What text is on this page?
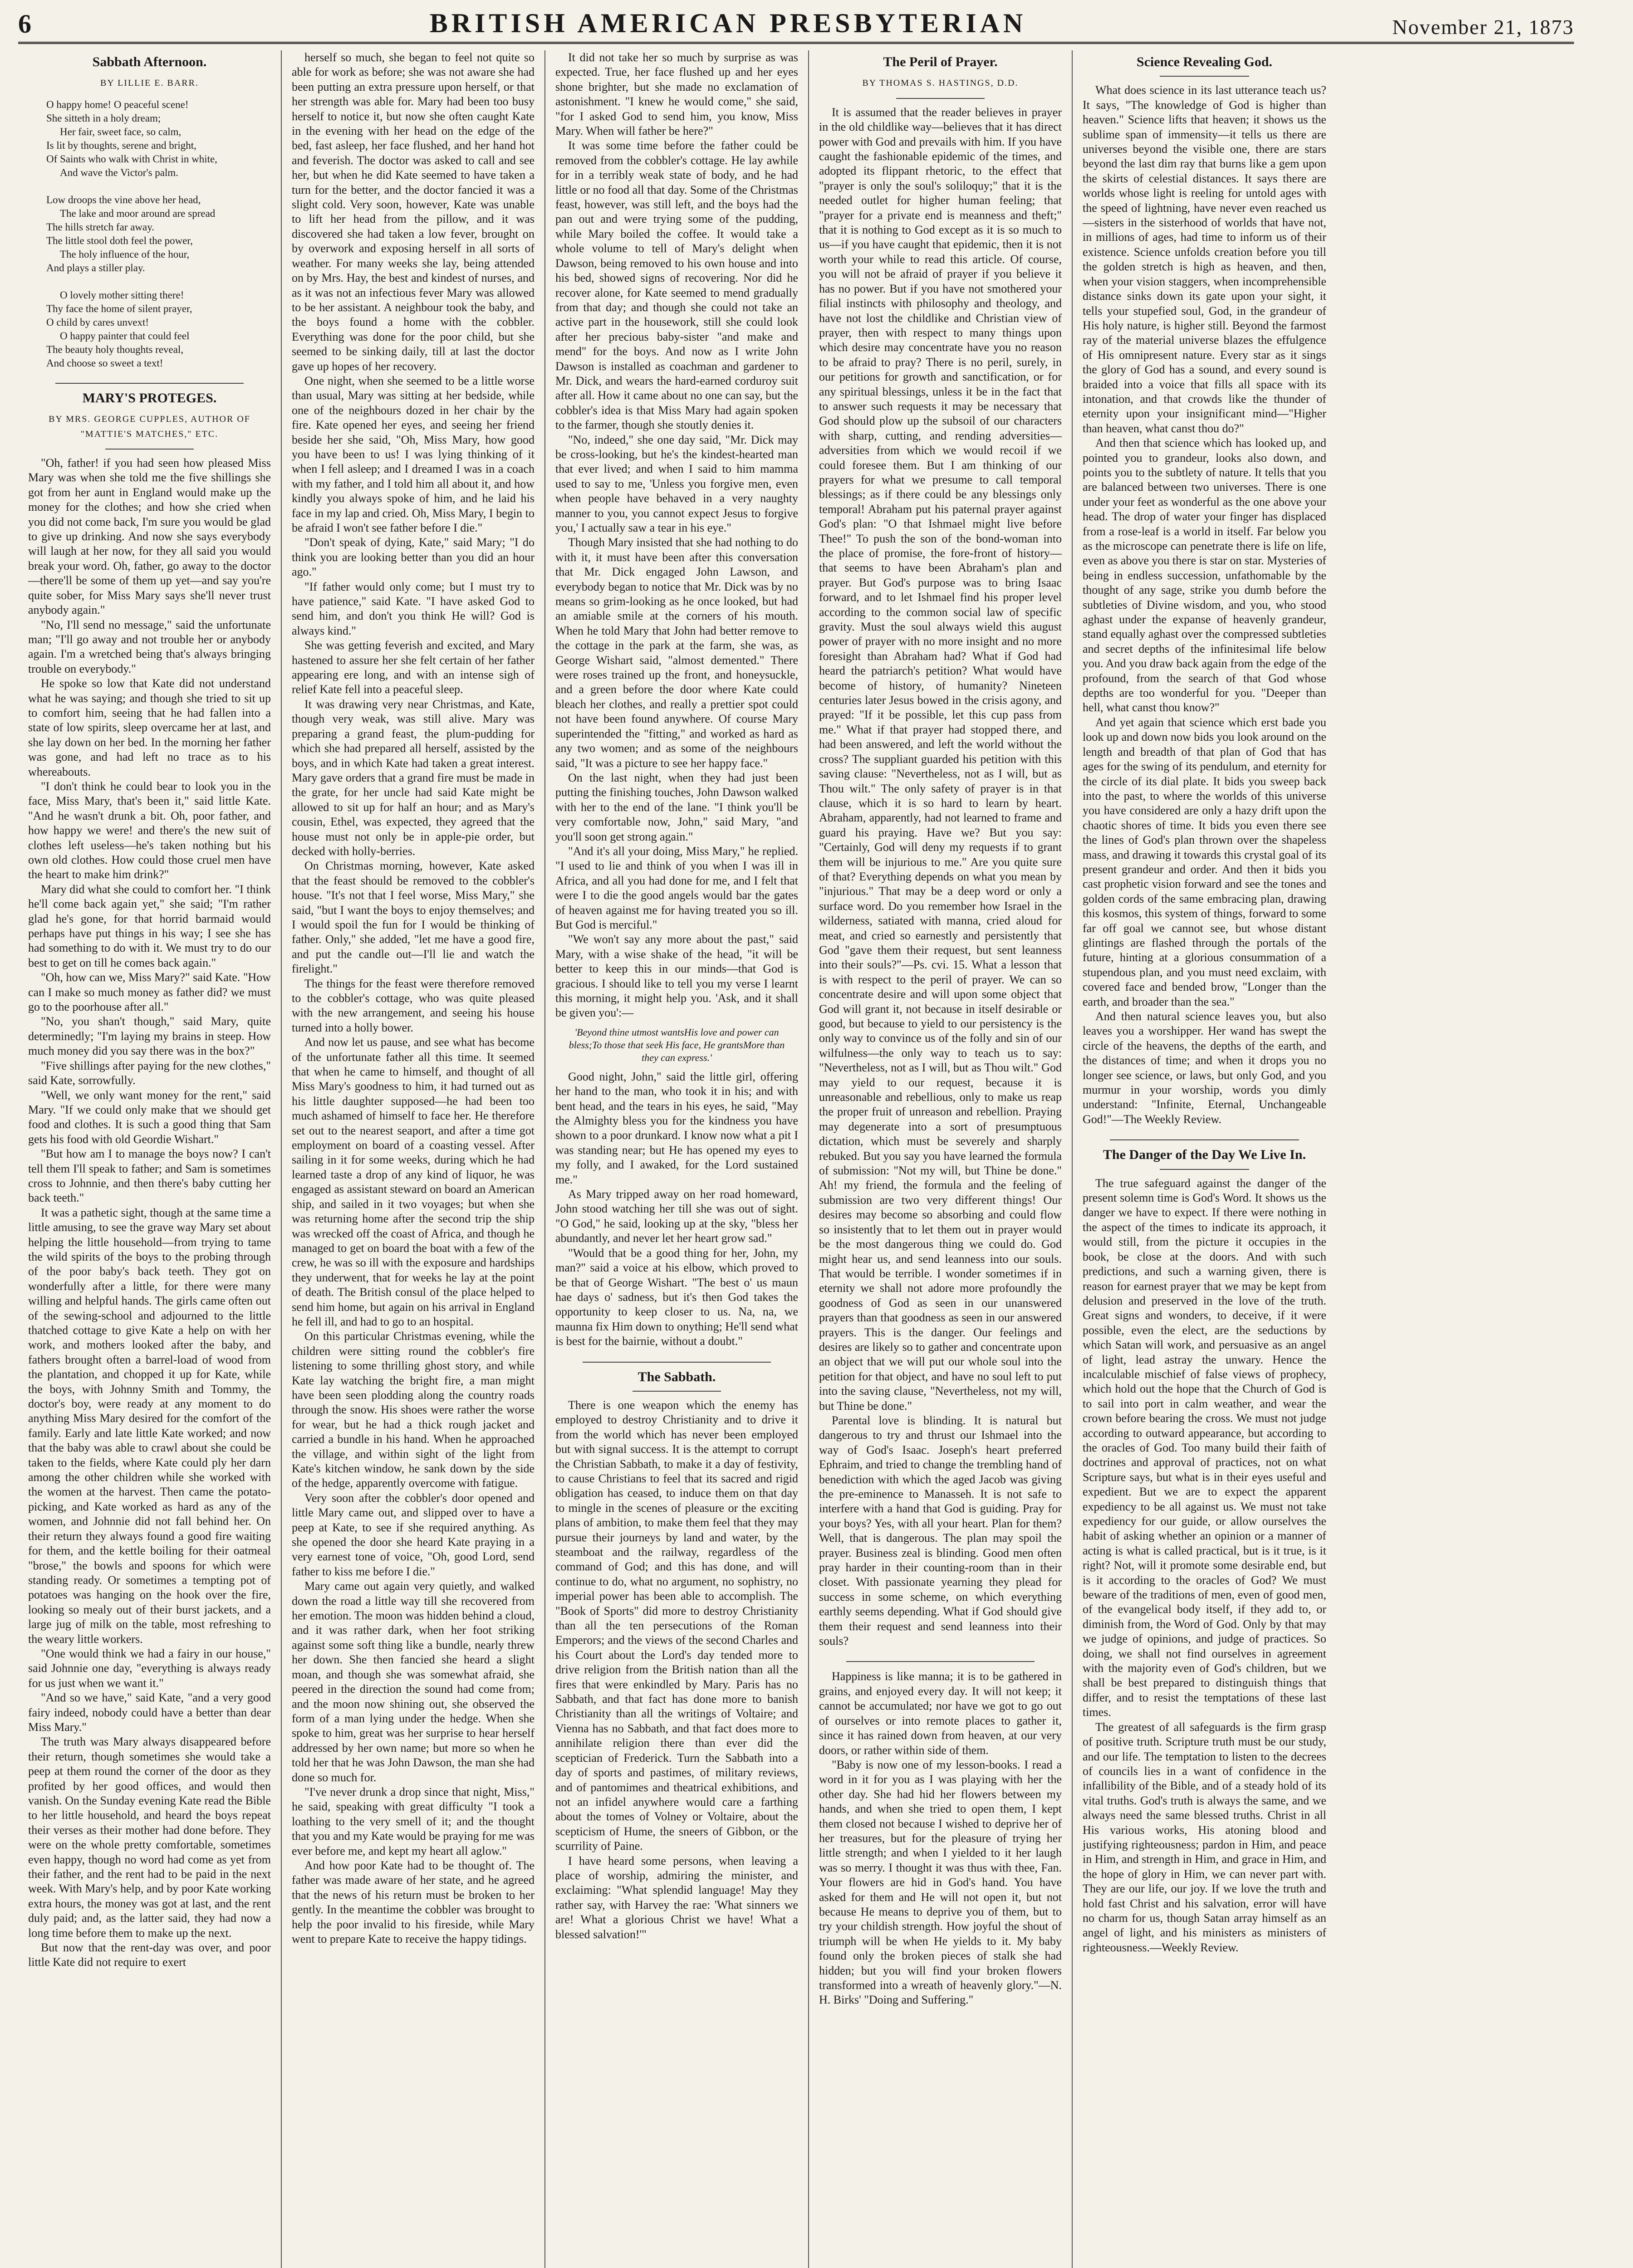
6	BRITISH AMERICAN PRESBYTERIAN	November 21, 1873
Sabbath Afternoon.
BY LILLIE E. BARR.
O happy home! O peaceful scene!
She sitteth in a holy dream;
Her fair, sweet face, so calm,
Is lit by thoughts, serene and bright,
Of Saints who walk with Christ in white,
And wave the Victor's palm.

Low droops the vine above her head,
The lake and moor around are spread
The hills stretch far away.
The little stool doth feel the power,
The holy influence of the hour,
And plays a stiller play.

O lovely mother sitting there!
Thy face the home of silent prayer,
O child by cares unvext!
O happy painter that could feel
The beauty holy thoughts reveal,
And choose so sweet a text!
MARY'S PROTEGES.
BY MRS. GEORGE CUPPLES, AUTHOR OF "MATTIE'S MATCHES," ETC.

"Oh, father! if you had seen how pleased Miss Mary was when she told me the five shillings she got from her aunt in England would make up the money for the clothes; and how she cried when you did not come back, I'm sure you would be glad to give up drinking. And now she says everybody will laugh at her now, for they all said you would break your word. Oh, father, go away to the doctor—there'll be some of them up yet—and say you're quite sober, for Miss Mary says she'll never trust anybody again."

"No, I'll send no message," said the unfortunate man; "I'll go away and not trouble her or anybody again. I'm a wretched being that's always bringing trouble on everybody."

He spoke so low that Kate did not understand what he was saying; and though she tried to sit up to comfort him, seeing that he had fallen into a state of low spirits, sleep overcame her at last, and she lay down on her bed. In the morning her father was gone, and had left no trace as to his whereabouts.

"I don't think he could bear to look you in the face, Miss Mary, that's been it," said little Kate. "And he wasn't drunk a bit. Oh, poor father, and how happy we were! and there's the new suit of clothes left useless—he's taken nothing but his own old clothes. How could those cruel men have the heart to make him drink?"

Mary did what she could to comfort her. "I think he'll come back again yet," she said; "I'm rather glad he's gone, for that horrid barmaid would perhaps have put things in his way; I see she has had something to do with it. We must try to do our best to get on till he comes back again."

"Oh, how can we, Miss Mary?" said Kate. "How can I make so much money as father did? we must go to the poorhouse after all."

"No, you shan't though," said Mary, quite determinedly; "I'm laying my brains in steep. How much money did you say there was in the box?"

"Five shillings after paying for the new clothes," said Kate, sorrowfully.

"Well, we only want money for the rent," said Mary. "If we could only make that we should get food and clothes. It is such a good thing that Sam gets his food with old Geordie Wishart."

"But how am I to manage the boys now? I can't tell them I'll speak to father; and Sam is sometimes cross to Johnnie, and then there's baby cutting her back teeth."

It was a pathetic sight, though at the same time a little amusing, to see the grave way Mary set about helping the little household—from trying to tame the wild spirits of the boys to the probing through of the poor baby's back teeth. They got on wonderfully after a little, for there were many willing and helpful hands. The girls came often out of the sewing-school and adjourned to the little thatched cottage to give Kate a help on with her work, and mothers looked after the baby, and fathers brought often a barrel-load of wood from the plantation, and chopped it up for Kate, while the boys, with Johnny Smith and Tommy, the doctor's boy, were ready at any moment to do anything Miss Mary desired for the comfort of the family. Early and late little Kate worked; and now that the baby was able to crawl about she could be taken to the fields, where Kate could ply her darn among the other children while she worked with the women at the harvest. Then came the potato-picking, and Kate worked as hard as any of the women, and Johnnie did not fall behind her. On their return they always found a good fire waiting for them, and the kettle boiling for their oatmeal "brose," the bowls and spoons for which were standing ready. Or sometimes a tempting pot of potatoes was hanging on the hook over the fire, looking so mealy out of their burst jackets, and a large jug of milk on the table, most refreshing to the weary little workers.

"One would think we had a fairy in our house," said Johnnie one day, "everything is always ready for us just when we want it."

"And so we have," said Kate, "and a very good fairy indeed, nobody could have a better than dear Miss Mary."

The truth was Mary always disappeared before their return, though sometimes she would take a peep at them round the corner of the door as they profited by her good offices, and would then vanish. On the Sunday evening Kate read the Bible to her little household, and heard the boys repeat their verses as their mother had done before. They were on the whole pretty comfortable, sometimes even happy, though no word had come as yet from their father, and the rent had to be paid in the next week. With Mary's help, and by poor Kate working extra hours, the money was got at last, and the rent duly paid; and, as the latter said, they had now a long time before them to make up the next.

But now that the rent-day was over, and poor little Kate did not require to exert

herself so much, she began to feel not quite so able for work as before; she was not aware she had been putting an extra pressure upon herself, or that her strength was able for. Mary had been too busy herself to notice it, but now she often caught Kate in the evening with her head on the edge of the bed, fast asleep, her face flushed, and her hand hot and feverish. The doctor was asked to call and see her, but when he did Kate seemed to have taken a turn for the better, and the doctor fancied it was a slight cold. Very soon, however, Kate was unable to lift her head from the pillow, and it was discovered she had taken a low fever, brought on by overwork and exposing herself in all sorts of weather. For many weeks she lay, being attended on by Mrs. Hay, the best and kindest of nurses, and as it was not an infectious fever Mary was allowed to be her assistant. A neighbour took the baby, and the boys found a home with the cobbler. Everything was done for the poor child, but she seemed to be sinking daily, till at last the doctor gave up hopes of her recovery.

One night, when she seemed to be a little worse than usual, Mary was sitting at her bedside, while one of the neighbours dozed in her chair by the fire. Kate opened her eyes, and seeing her friend beside her she said, "Oh, Miss Mary, how good you have been to us! I was lying thinking of it when I fell asleep; and I dreamed I was in a coach with my father, and I told him all about it, and how kindly you always spoke of him, and he laid his face in my lap and cried. Oh, Miss Mary, I begin to be afraid I won't see father before I die."

"Don't speak of dying, Kate," said Mary; "I do think you are looking better than you did an hour ago."

"If father would only come; but I must try to have patience," said Kate. "I have asked God to send him, and don't you think He will? God is always kind."

She was getting feverish and excited, and Mary hastened to assure her she felt certain of her father appearing ere long, and with an intense sigh of relief Kate fell into a peaceful sleep.

It was drawing very near Christmas, and Kate, though very weak, was still alive. Mary was preparing a grand feast, the plum-pudding for which she had prepared all herself, assisted by the boys, and in which Kate had taken a great interest. Mary gave orders that a grand fire must be made in the grate, for her uncle had said Kate might be allowed to sit up for half an hour; and as Mary's cousin, Ethel, was expected, they agreed that the house must not only be in apple-pie order, but decked with holly-berries.

On Christmas morning, however, Kate asked that the feast should be removed to the cobbler's house. "It's not that I feel worse, Miss Mary," she said, "but I want the boys to enjoy themselves; and I would spoil the fun for I would be thinking of father. Only," she added, "let me have a good fire, and put the candle out—I'll lie and watch the firelight."

The things for the feast were therefore removed to the cobbler's cottage, who was quite pleased with the new arrangement, and seeing his house turned into a holly bower.

And now let us pause, and see what has become of the unfortunate father all this time. It seemed that when he came to himself, and thought of all Miss Mary's goodness to him, it had turned out as his little daughter supposed—he had been too much ashamed of himself to face her. He therefore set out to the nearest seaport, and after a time got employment on board of a coasting vessel. After sailing in it for some weeks, during which he had learned taste a drop of any kind of liquor, he was engaged as assistant steward on board an American ship, and sailed in it two voyages; but when she was returning home after the second trip the ship was wrecked off the coast of Africa, and though he managed to get on board the boat with a few of the crew, he was so ill with the exposure and hardships they underwent, that for weeks he lay at the point of death. The British consul of the place helped to send him home, but again on his arrival in England he fell ill, and had to go to an hospital.

On this particular Christmas evening, while the children were sitting round the cobbler's fire listening to some thrilling ghost story, and while Kate lay watching the bright fire, a man might have been seen plodding along the country roads through the snow. His shoes were rather the worse for wear, but he had a thick rough jacket and carried a bundle in his hand. When he approached the village, and within sight of the light from Kate's kitchen window, he sank down by the side of the hedge, apparently overcome with fatigue.

Very soon after the cobbler's door opened and little Mary came out, and slipped over to have a peep at Kate, to see if she required anything. As she opened the door she heard Kate praying in a very earnest tone of voice, "Oh, good Lord, send father to kiss me before I die."

Mary came out again very quietly, and walked down the road a little way till she recovered from her emotion. The moon was hidden behind a cloud, and it was rather dark, when her foot striking against some soft thing like a bundle, nearly threw her down. She then fancied she heard a slight moan, and though she was somewhat afraid, she peered in the direction the sound had come from; and the moon now shining out, she observed the form of a man lying under the hedge. When she spoke to him, great was her surprise to hear herself addressed by her own name; but more so when he told her that he was John Dawson, the man she had done so much for.

"I've never drunk a drop since that night, Miss," he said, speaking with great difficulty "I took a loathing to the very smell of it; and the thought that you and my Kate would be praying for me was ever before me, and kept my heart all aglow."

And how poor Kate had to be thought of. The father was made aware of her state, and he agreed that the news of his return must be broken to her gently. In the meantime the cobbler was brought to help the poor invalid to his fireside, while Mary went to prepare Kate to receive the happy tidings.

It did not take her so much by surprise as was expected. True, her face flushed up and her eyes shone brighter, but she made no exclamation of astonishment. "I knew he would come," she said, "for I asked God to send him, you know, Miss Mary. When will father be here?"

It was some time before the father could be removed from the cobbler's cottage. He lay awhile for in a terribly weak state of body, and he had little or no food all that day. Some of the Christmas feast, however, was still left, and the boys had the pan out and were trying some of the pudding, while Mary boiled the coffee. It would take a whole volume to tell of Mary's delight when Dawson, being removed to his own house and into his bed, showed signs of recovering. Nor did he recover alone, for Kate seemed to mend gradually from that day; and though she could not take an active part in the housework, still she could look after her precious baby-sister "and make and mend" for the boys. And now as I write John Dawson is installed as coachman and gardener to Mr. Dick, and wears the hard-earned corduroy suit after all. How it came about no one can say, but the cobbler's idea is that Miss Mary had again spoken to the farmer, though she stoutly denies it.

"No, indeed," she one day said, "Mr. Dick may be cross-looking, but he's the kindest-hearted man that ever lived; and when I said to him mamma used to say to me, 'Unless you forgive men, even when people have behaved in a very naughty manner to you, you cannot expect Jesus to forgive you,' I actually saw a tear in his eye."

Though Mary insisted that she had nothing to do with it, it must have been after this conversation that Mr. Dick engaged John Lawson, and everybody began to notice that Mr. Dick was by no means so grim-looking as he once looked, but had an amiable smile at the corners of his mouth. When he told Mary that John had better remove to the cottage in the park at the farm, she was, as George Wishart said, "almost demented." There were roses trained up the front, and honeysuckle, and a green before the door where Kate could bleach her clothes, and really a prettier spot could not have been found anywhere. Of course Mary superintended the "fitting," and worked as hard as any two women; and as some of the neighbours said, "It was a picture to see her happy face."

On the last night, when they had just been putting the finishing touches, John Dawson walked with her to the end of the lane. "I think you'll be very comfortable now, John," said Mary, "and you'll soon get strong again."

"And it's all your doing, Miss Mary," he replied. "I used to lie and think of you when I was ill in Africa, and all you had done for me, and I felt that were I to die the good angels would bar the gates of heaven against me for having treated you so ill. But God is merciful."

"We won't say any more about the past," said Mary, with a wise shake of the head, "it will be better to keep this in our minds—that God is gracious. I should like to tell you my verse I learnt this morning, it might help you. 'Ask, and it shall be given you':—

'Beyond thine utmost wantsHis love and power can bless;To those that seek His face, He grantsMore than they can express.'

Good night, John," said the little girl, offering her hand to the man, who took it in his; and with bent head, and the tears in his eyes, he said, "May the Almighty bless you for the kindness you have shown to a poor drunkard. I know now what a pit I was standing near; but He has opened my eyes to my folly, and I awaked, for the Lord sustained me."

As Mary tripped away on her road homeward, John stood watching her till she was out of sight. "O God," he said, looking up at the sky, "bless her abundantly, and never let her heart grow sad."

"Would that be a good thing for her, John, my man?" said a voice at his elbow, which proved to be that of George Wishart. "The best o' us maun hae days o' sadness, but it's then God takes the opportunity to keep closer to us. Na, na, we maunna fix Him down to onything; He'll send what is best for the bairnie, without a doubt."

The Sabbath.

There is one weapon which the enemy has employed to destroy Christianity and to drive it from the world which has never been employed but with signal success. It is the attempt to corrupt the Christian Sabbath, to make it a day of festivity, to cause Christians to feel that its sacred and rigid obligation has ceased, to induce them on that day to mingle in the scenes of pleasure or the exciting plans of ambition, to make them feel that they may pursue their journeys by land and water, by the steamboat and the railway, regardless of the command of God; and this has done, and will continue to do, what no argument, no sophistry, no imperial power has been able to accomplish. The "Book of Sports" did more to destroy Christianity than all the ten persecutions of the Roman Emperors; and the views of the second Charles and his Court about the Lord's day tended more to drive religion from the British nation than all the fires that were enkindled by Mary. Paris has no Sabbath, and that fact has done more to banish Christianity than all the writings of Voltaire; and Vienna has no Sabbath, and that fact does more to annihilate religion there than ever did the sceptician of Frederick. Turn the Sabbath into a day of sports and pastimes, of military reviews, and of pantomimes and theatrical exhibitions, and not an infidel anywhere would care a farthing about the tomes of Volney or Voltaire, about the scepticism of Hume, the sneers of Gibbon, or the scurrility of Paine.

I have heard some persons, when leaving a place of worship, admiring the minister, and exclaiming: "What splendid language! May they rather say, with Harvey the rae: 'What sinners we are! What a glorious Christ we have! What a blessed salvation!'"

The Peril of Prayer.
BY THOMAS S. HASTINGS, D.D.

It is assumed that the reader believes in prayer in the old childlike way—believes that it has direct power with God and prevails with him. If you have caught the fashionable epidemic of the times, and adopted its flippant rhetoric, to the effect that "prayer is only the soul's soliloquy;" that it is the needed outlet for higher human feeling; that "prayer for a private end is meanness and theft;" that it is nothing to God except as it is so much to us—if you have caught that epidemic, then it is not worth your while to read this article. Of course, you will not be afraid of prayer if you believe it has no power. But if you have not smothered your filial instincts with philosophy and theology, and have not lost the childlike and Christian view of prayer, then with respect to many things upon which desire may concentrate have you no reason to be afraid to pray? There is no peril, surely, in our petitions for growth and sanctification, or for any spiritual blessings, unless it be in the fact that to answer such requests it may be necessary that God should plow up the subsoil of our characters with sharp, cutting, and rending adversities—adversities from which we would recoil if we could foresee them. But I am thinking of our prayers for what we presume to call temporal blessings; as if there could be any blessings only temporal! Abraham put his paternal prayer against God's plan: "O that Ishmael might live before Thee!" To push the son of the bond-woman into the place of promise, the fore-front of history—that seems to have been Abraham's plan and prayer. But God's purpose was to bring Isaac forward, and to let Ishmael find his proper level according to the common social law of specific gravity. Must the soul always wield this august power of prayer with no more insight and no more foresight than Abraham had? What if God had heard the patriarch's petition? What would have become of history, of humanity? Nineteen centuries later Jesus bowed in the crisis agony, and prayed: "If it be possible, let this cup pass from me." What if that prayer had stopped there, and had been answered, and left the world without the cross? The suppliant guarded his petition with this saving clause: "Nevertheless, not as I will, but as Thou wilt." The only safety of prayer is in that clause, which it is so hard to learn by heart. Abraham, apparently, had not learned to frame and guard his praying. Have we? But you say: "Certainly, God will deny my requests if to grant them will be injurious to me." Are you quite sure of that? Everything depends on what you mean by "injurious." That may be a deep word or only a surface word. Do you remember how Israel in the wilderness, satiated with manna, cried aloud for meat, and cried so earnestly and persistently that God "gave them their request, but sent leanness into their souls?"—Ps. cvi. 15. What a lesson that is with respect to the peril of prayer. We can so concentrate desire and will upon some object that God will grant it, not because in itself desirable or good, but because to yield to our persistency is the only way to convince us of the folly and sin of our wilfulness—the only way to teach us to say: "Nevertheless, not as I will, but as Thou wilt." God may yield to our request, because it is unreasonable and rebellious, only to make us reap the proper fruit of unreason and rebellion. Praying may degenerate into a sort of presumptuous dictation, which must be severely and sharply rebuked. But you say you have learned the formula of submission: "Not my will, but Thine be done." Ah! my friend, the formula and the feeling of submission are two very different things! Our desires may become so absorbing and could flow so insistently that to let them out in prayer would be the most dangerous thing we could do. God might hear us, and send leanness into our souls. That would be terrible. I wonder sometimes if in eternity we shall not adore more profoundly the goodness of God as seen in our unanswered prayers than that goodness as seen in our answered prayers. This is the danger. Our feelings and desires are likely so to gather and concentrate upon an object that we will put our whole soul into the petition for that object, and have no soul left to put into the saving clause, "Nevertheless, not my will, but Thine be done."

Parental love is blinding. It is natural but dangerous to try and thrust our Ishmael into the way of God's Isaac. Joseph's heart preferred Ephraim, and tried to change the trembling hand of benediction with which the aged Jacob was giving the pre-eminence to Manasseh. It is not safe to interfere with a hand that God is guiding. Pray for your boys? Yes, with all your heart. Plan for them? Well, that is dangerous. The plan may spoil the prayer. Business zeal is blinding. Good men often pray harder in their counting-room than in their closet. With passionate yearning they plead for success in some scheme, on which everything earthly seems depending. What if God should give them their request and send leanness into their souls?

Happiness is like manna; it is to be gathered in grains, and enjoyed every day. It will not keep; it cannot be accumulated; nor have we got to go out of ourselves or into remote places to gather it, since it has rained down from heaven, at our very doors, or rather within side of them.

"Baby is now one of my lesson-books. I read a word in it for you as I was playing with her the other day. She had hid her flowers between my hands, and when she tried to open them, I kept them closed not because I wished to deprive her of her treasures, but for the pleasure of trying her little strength; and when I yielded to it her laugh was so merry. I thought it was thus with thee, Fan. Your flowers are hid in God's hand. You have asked for them and He will not open it, but not because He means to deprive you of them, but to try your childish strength. How joyful the shout of triumph will be when He yields to it. My baby found only the broken pieces of stalk she had hidden; but you will find your broken flowers transformed into a wreath of heavenly glory."—N. H. Birks' "Doing and Suffering."

Science Revealing God.

What does science in its last utterance teach us? It says, "The knowledge of God is higher than heaven." Science lifts that heaven; it shows us the sublime span of immensity—it tells us there are universes beyond the visible one, there are stars beyond the last dim ray that burns like a gem upon the skirts of celestial distances. It says there are worlds whose light is reeling for untold ages with the speed of lightning, have never even reached us—sisters in the sisterhood of worlds that have not, in millions of ages, had time to inform us of their existence. Science unfolds creation before you till the golden stretch is high as heaven, and then, when your vision staggers, when incomprehensible distance sinks down its gate upon your sight, it tells your stupefied soul, God, in the grandeur of His holy nature, is higher still. Beyond the farmost ray of the material universe blazes the effulgence of His omnipresent nature. Every star as it sings the glory of God has a sound, and every sound is braided into a voice that fills all space with its intonation, and that crowds like the thunder of eternity upon your insignificant mind—"Higher than heaven, what canst thou do?"

And then that science which has looked up, and pointed you to grandeur, looks also down, and points you to the subtlety of nature. It tells that you are balanced between two universes. There is one under your feet as wonderful as the one above your head. The drop of water your finger has displaced from a rose-leaf is a world in itself. Far below you as the microscope can penetrate there is life on life, even as above you there is star on star. Mysteries of being in endless succession, unfathomable by the thought of any sage, strike you dumb before the subtleties of Divine wisdom, and you, who stood aghast under the expanse of heavenly grandeur, stand equally aghast over the compressed subtleties and secret depths of the infinitesimal life below you. And you draw back again from the edge of the profound, from the search of that God whose depths are too wonderful for you. "Deeper than hell, what canst thou know?"

And yet again that science which erst bade you look up and down now bids you look around on the length and breadth of that plan of God that has ages for the swing of its pendulum, and eternity for the circle of its dial plate. It bids you sweep back into the past, to where the worlds of this universe you have considered are only a hazy drift upon the chaotic shores of time. It bids you even there see the lines of God's plan thrown over the shapeless mass, and drawing it towards this crystal goal of its present grandeur and order. And then it bids you cast prophetic vision forward and see the tones and golden cords of the same embracing plan, drawing this kosmos, this system of things, forward to some far off goal we cannot see, but whose distant glintings are flashed through the portals of the future, hinting at a glorious consummation of a stupendous plan, and you must need exclaim, with covered face and bended brow, "Longer than the earth, and broader than the sea."

And then natural science leaves you, but also leaves you a worshipper. Her wand has swept the circle of the heavens, the depths of the earth, and the distances of time; and when it drops you no longer see science, or laws, but only God, and you murmur in your worship, words you dimly understand: "Infinite, Eternal, Unchangeable God!"—The Weekly Review.

The Danger of the Day We Live In.

The true safeguard against the danger of the present solemn time is God's Word. It shows us the danger we have to expect. If there were nothing in the aspect of the times to indicate its approach, it would still, from the picture it occupies in the book, be close at the doors. And with such predictions, and such a warning given, there is reason for earnest prayer that we may be kept from delusion and preserved in the love of the truth. Great signs and wonders, to deceive, if it were possible, even the elect, are the seductions by which Satan will work, and persuasive as an angel of light, lead astray the unwary. Hence the incalculable mischief of false views of prophecy, which hold out the hope that the Church of God is to sail into port in calm weather, and wear the crown before bearing the cross. We must not judge according to outward appearance, but according to the oracles of God. Too many build their faith of doctrines and approval of practices, not on what Scripture says, but what is in their eyes useful and expedient. But we are to expect the apparent expediency to be all against us. We must not take expediency for our guide, or allow ourselves the habit of asking whether an opinion or a manner of acting is what is called practical, but is it true, is it right? Not, will it promote some desirable end, but is it according to the oracles of God? We must beware of the traditions of men, even of good men, of the evangelical body itself, if they add to, or diminish from, the Word of God. Only by that may we judge of opinions, and judge of practices. So doing, we shall not find ourselves in agreement with the majority even of God's children, but we shall be best prepared to distinguish things that differ, and to resist the temptations of these last times.

The greatest of all safeguards is the firm grasp of positive truth. Scripture truth must be our study, and our life. The temptation to listen to the decrees of councils lies in a want of confidence in the infallibility of the Bible, and of a steady hold of its vital truths. God's truth is always the same, and we always need the same blessed truths. Christ in all His various works, His atoning blood and justifying righteousness; pardon in Him, and peace in Him, and strength in Him, and grace in Him, and the hope of glory in Him, we can never part with. They are our life, our joy. If we love the truth and hold fast Christ and his salvation, error will have no charm for us, though Satan array himself as an angel of light, and his ministers as ministers of righteousness.—Weekly Review.
